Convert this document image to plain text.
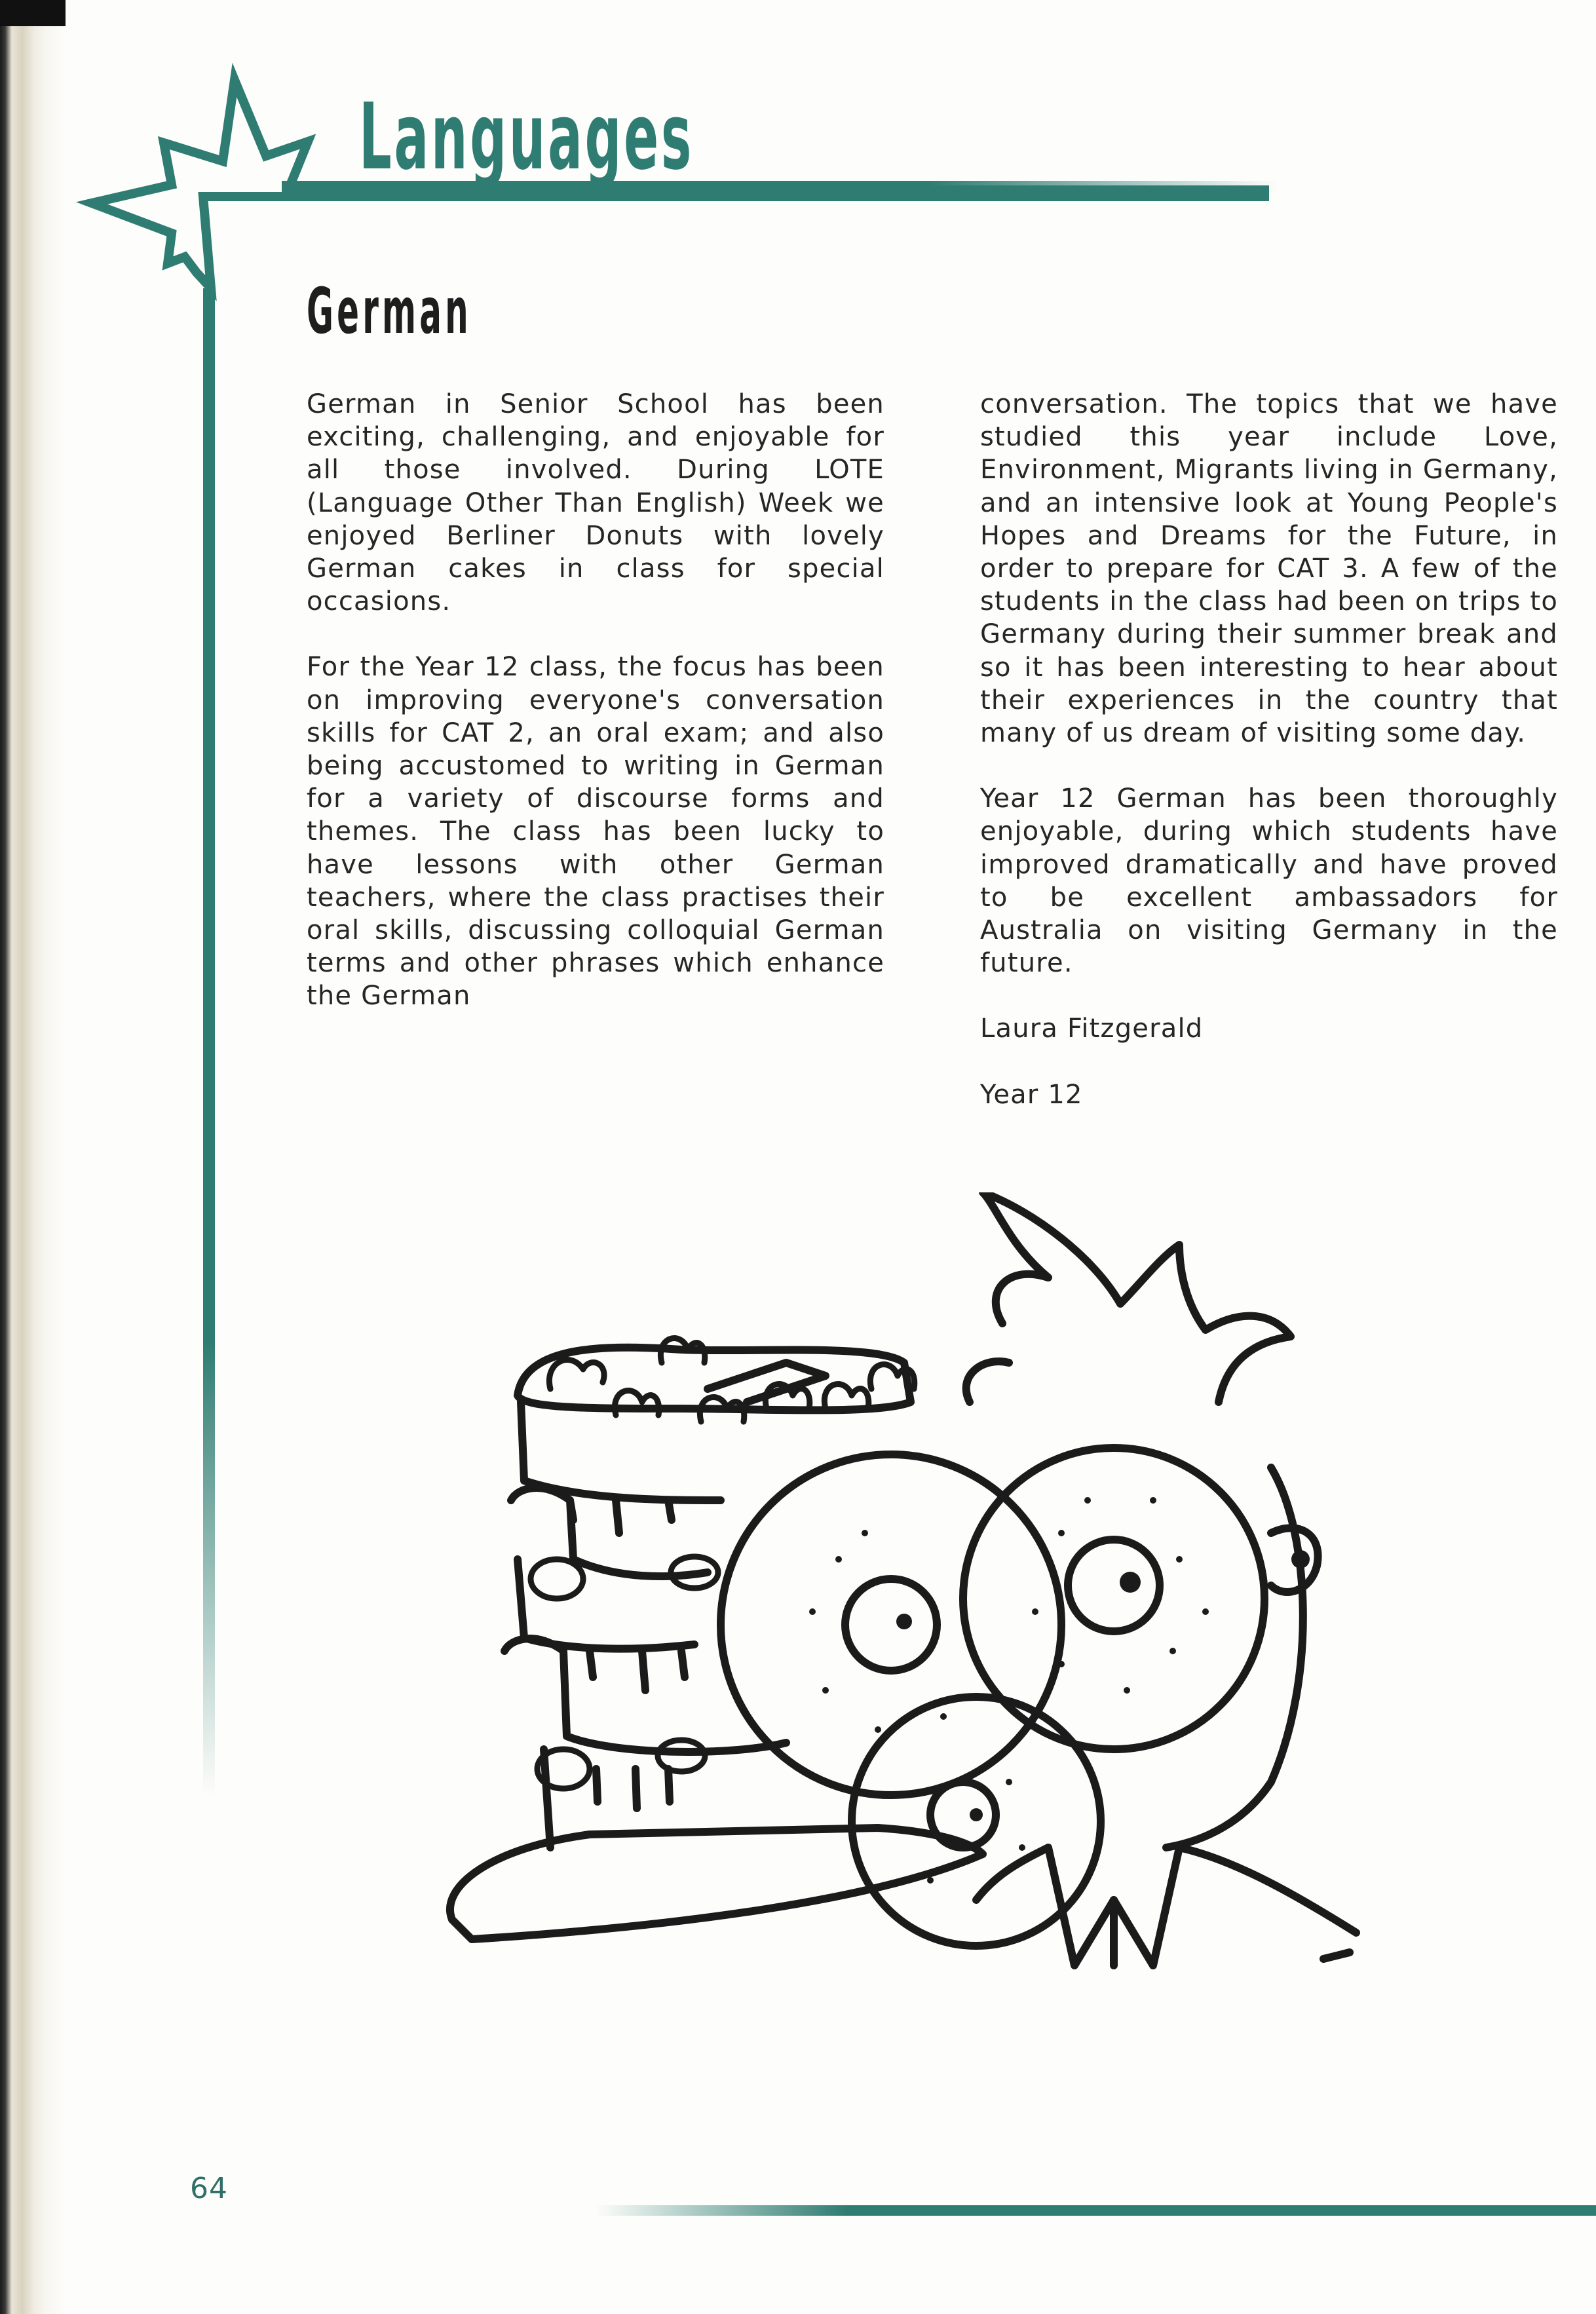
Languages
German

German in Senior School has been exciting, challenging, and enjoyable for all those involved. During LOTE (Language Other Than English) Week we enjoyed Berliner Donuts with lovely German cakes in class for special occasions.

For the Year 12 class, the focus has been on improving everyone's conversation skills for CAT 2, an oral exam; and also being accustomed to writing in German for a variety of discourse forms and themes. The class has been lucky to have lessons with other German teachers, where the class practises their oral skills, discussing colloquial German terms and other phrases which enhance the German

conversation. The topics that we have studied this year include Love, Environment, Migrants living in Germany, and an intensive look at Young People's Hopes and Dreams for the Future, in order to prepare for CAT 3. A few of the students in the class had been on trips to Germany during their summer break and so it has been interesting to hear about their experiences in the country that many of us dream of visiting some day.

Year 12 German has been thoroughly enjoyable, during which students have improved dramatically and have proved to be excellent ambassadors for Australia on visiting Germany in the future.

Laura Fitzgerald

Year 12

64
